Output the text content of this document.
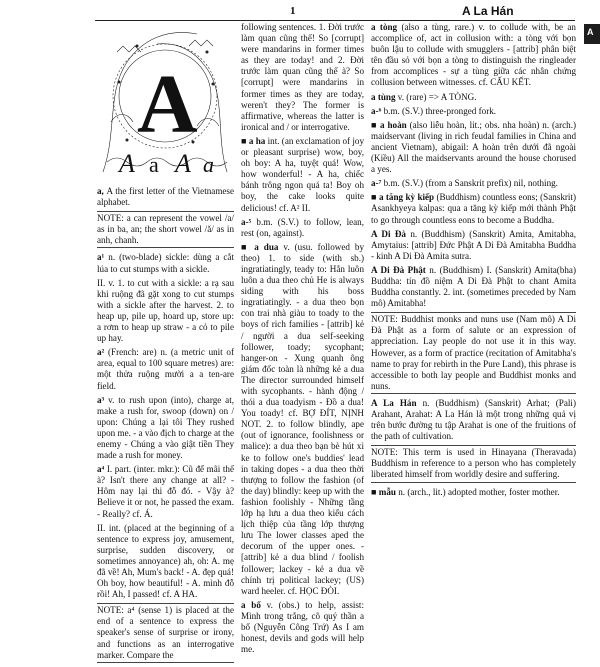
1	A La Hán
A
A
A a A a
a, A the first letter of the Vietnamese alphabet.
NOTE: a can represent the vowel /a/ as in ba, an; the short vowel /ă/ as in anh, chanh.
a¹ n. (two-blade) sickle: dùng a cắt lúa to cut stumps with a sickle.
II. v. 1. to cut with a sickle: a rạ sau khi ruộng đã gặt xong to cut stumps with a sickle after the harvest. 2. to heap up, pile up, hoard up, store up: a rơm to heap up straw - a cỏ to pile up hay.
a² (French: are) n. (a metric unit of area, equal to 100 square metres) are: một thửa ruộng mười a a ten-are field.
a³ v. to rush upon (into), charge at, make a rush for, swoop (down) on / upon: Chúng a lại tôi They rushed upon me. - a vào địch to charge at the enemy - Chúng a vào giật tiền They made a rush for money.
a⁴ I. part. (inter. mkr.): Cũ để mãi thế à? Isn't there any change at all? - Hôm nay lại thi đỗ đó. - Vậy à? Believe it or not, he passed the exam. - Really? cf. Á.
II. int. (placed at the beginning of a sentence to express joy, amusement, surprise, sudden discovery, or sometimes annoyance) ah, oh: A. mẹ đã về! Ah, Mum's back! - A. đẹp quá! Oh boy, how beautiful! - A. mình đỗ rồi! Ah, I passed! cf. A HA.
NOTE: a⁴ (sense 1) is placed at the end of a sentence to express the speaker's sense of surprise or irony, and functions as an interrogative marker. Compare the
following sentences. 1. Đời trước làm quan cũng thế! So [corrupt] were mandarins in former times as they are today! and 2. Đời trước làm quan cũng thế à? So [corrupt] were mandarins in former times as they are today, weren't they? The former is affirmative, whereas the latter is ironical and / or interrogative.
■ a ha int. (an exclamation of joy or pleasant surprise) wow, boy, oh boy: A ha, tuyệt quá! Wow, how wonderful! - A ha, chiếc bánh trông ngon quá ta! Boy oh boy, the cake looks quite delicious! cf. A² II.
a-⁵ b.m. (S.V.) to follow, lean, rest (on, against).
■ a dua v. (usu. followed by theo) 1. to side (with sb.) ingratiatingly, teady to: Hắn luôn luôn a dua theo chủ He is always siding with his boss ingratiatingly. - a dua theo bọn con trai nhà giàu to toady to the boys of rich families - [attrib] kẻ / người a dua self-seeking follower, toady; sycophant; hanger-on - Xung quanh ông giám đốc toàn là những kẻ a dua The director surrounded himself with sycophants. - hành động / thói a dua toadyism - Đồ a dua! You toady! cf. BỢ ĐÍT, NỊNH NOT. 2. to follow blindly, ape (out of ignorance, foolishness or malice): a dua theo bạn bè hút xì ke to follow one's buddies' lead in taking dopes - a dua theo thời thượng to follow the fashion (of the day) blindly: keep up with the fashion foolishly - Những tầng lớp hạ lưu a dua theo kiểu cách lịch thiệp của tầng lớp thượng lưu The lower classes aped the decorum of the upper ones. - [attrib] kẻ a dua blind / foolish follower; lackey - kẻ a dua về chính trị political lackey; (US) ward heeler. cf. HỌC ĐÒI.
a bổ v. (obs.) to help, assist: Mình trong trắng, cõ quý thần a bổ (Nguyễn Công Trứ) As I am honest, devils and gods will help me.
a tòng (also a tùng, rare.) v. to collude with, be an accomplice of, act in collusion with: a tòng với bọn buôn lậu to collude with smugglers - [attrib] phân biệt tên đầu sỏ với bọn a tòng to distinguish the ringleader from accomplices - sự a tùng giữa các nhân chứng collusion between witnesses. cf. CẤU KẾT.
a tùng v. (rare) => A TÒNG.
a-⁶ b.m. (S.V.) three-pronged fork.
■ a hoàn (also liễu hoàn, lit.; obs. nha hoàn) n. (arch.) maidservant (living in rich feudal families in China and ancient Vietnam), abigail: A hoàn trên dưới đã ngoài (Kiều) All the maidservants around the house chorused a yes.
a-⁷ b.m. (S.V.) (from a Sanskrit prefix) nil, nothing.
■ a tăng kỳ kiếp (Buddhism) countless eons; (Sanskrit) Asankhyeya kalpas: qua a tăng kỳ kiếp mới thành Phật to go through countless eons to become a Buddha.
A Di Đà n. (Buddhism) (Sanskrit) Amita, Amitabha, Amytaius: [attrib] Đức Phật A Di Đà Amitabha Buddha - kinh A Di Đà Amita sutra.
A Di Đà Phật n. (Buddhism) I. (Sanskrit) Amita(bha) Buddha: tín đồ niệm A Di Đà Phật to chant Amita Buddha constantly. 2. int. (sometimes preceded by Nam mô) Amitabha!
NOTE: Buddhist monks and nuns use (Nam mô) A Di Đà Phật as a form of salute or an expression of appreciation. Lay people do not use it in this way. However, as a form of practice (recitation of Amitabha's name to pray for rebirth in the Pure Land), this phrase is accessible to both lay people and Buddhist monks and nuns.
A La Hán n. (Buddhism) (Sanskrit) Arhat; (Pali) Arahant, Arahat: A La Hán là một trong những quả vị trên bước đường tu tập Arahat is one of the fruitions of the path of cultivation.
NOTE: This term is used in Hinayana (Theravada) Buddhism in reference to a person who has completely liberated himself from worldly desire and suffering.
■ mẫu n. (arch., lit.) adopted mother, foster mother.
